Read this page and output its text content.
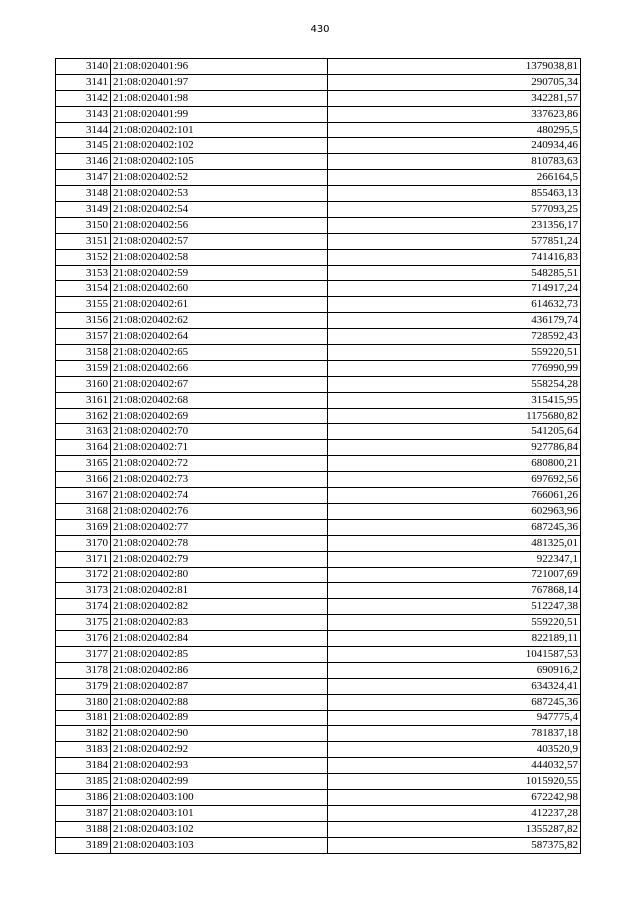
430
3140	21:08:020401:96	1379038,81
3141	21:08:020401:97	290705,34
3142	21:08:020401:98	342281,57
3143	21:08:020401:99	337623,86
3144	21:08:020402:101	480295,5
3145	21:08:020402:102	240934,46
3146	21:08:020402:105	810783,63
3147	21:08:020402:52	266164,5
3148	21:08:020402:53	855463,13
3149	21:08:020402:54	577093,25
3150	21:08:020402:56	231356,17
3151	21:08:020402:57	577851,24
3152	21:08:020402:58	741416,83
3153	21:08:020402:59	548285,51
3154	21:08:020402:60	714917,24
3155	21:08:020402:61	614632,73
3156	21:08:020402:62	436179,74
3157	21:08:020402:64	728592,43
3158	21:08:020402:65	559220,51
3159	21:08:020402:66	776990,99
3160	21:08:020402:67	558254,28
3161	21:08:020402:68	315415,95
3162	21:08:020402:69	1175680,82
3163	21:08:020402:70	541205,64
3164	21:08:020402:71	927786,84
3165	21:08:020402:72	680800,21
3166	21:08:020402:73	697692,56
3167	21:08:020402:74	766061,26
3168	21:08:020402:76	602963,96
3169	21:08:020402:77	687245,36
3170	21:08:020402:78	481325,01
3171	21:08:020402:79	922347,1
3172	21:08:020402:80	721007,69
3173	21:08:020402:81	767868,14
3174	21:08:020402:82	512247,38
3175	21:08:020402:83	559220,51
3176	21:08:020402:84	822189,11
3177	21:08:020402:85	1041587,53
3178	21:08:020402:86	690916,2
3179	21:08:020402:87	634324,41
3180	21:08:020402:88	687245,36
3181	21:08:020402:89	947775,4
3182	21:08:020402:90	781837,18
3183	21:08:020402:92	403520,9
3184	21:08:020402:93	444032,57
3185	21:08:020402:99	1015920,55
3186	21:08:020403:100	672242,98
3187	21:08:020403:101	412237,28
3188	21:08:020403:102	1355287,82
3189	21:08:020403:103	587375,82
